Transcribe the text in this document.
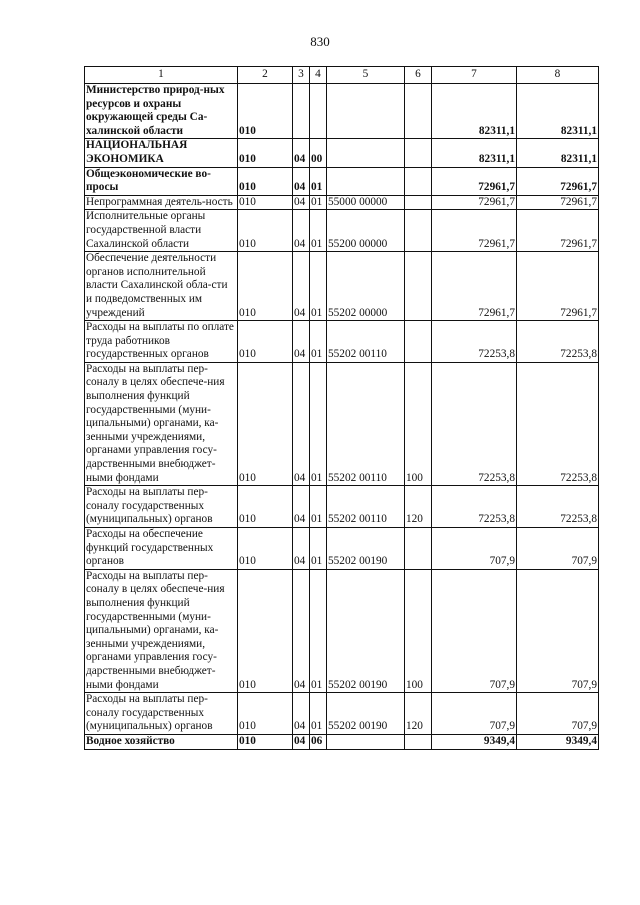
830
1	2	3	4	5	6	7	8
Министерство природ-ных ресурсов и охраны окружающей среды Са-халинской области	010					82311,1	82311,1
НАЦИОНАЛЬНАЯ ЭКОНОМИКА	010	04	00			82311,1	82311,1
Общеэкономические во-просы	010	04	01			72961,7	72961,7
Непрограммная деятель-ность	010	04	01	55000 00000		72961,7	72961,7
Исполнительные органы государственной власти Сахалинской области	010	04	01	55200 00000		72961,7	72961,7
Обеспечение деятельности органов исполнительной власти Сахалинской обла-сти и подведомственных им учреждений	010	04	01	55202 00000		72961,7	72961,7
Расходы на выплаты по оплате труда работников государственных органов	010	04	01	55202 00110		72253,8	72253,8
Расходы на выплаты пер-соналу в целях обеспече-ния выполнения функций государственными (муни-ципальными) органами, ка-зенными учреждениями, органами управления госу-дарственными внебюджет-ными фондами	010	04	01	55202 00110	100	72253,8	72253,8
Расходы на выплаты пер-соналу государственных (муниципальных) органов	010	04	01	55202 00110	120	72253,8	72253,8
Расходы на обеспечение функций государственных органов	010	04	01	55202 00190		707,9	707,9
Расходы на выплаты пер-соналу в целях обеспече-ния выполнения функций государственными (муни-ципальными) органами, ка-зенными учреждениями, органами управления госу-дарственными внебюджет-ными фондами	010	04	01	55202 00190	100	707,9	707,9
Расходы на выплаты пер-соналу государственных (муниципальных) органов	010	04	01	55202 00190	120	707,9	707,9
Водное хозяйство	010	04	06			9349,4	9349,4
